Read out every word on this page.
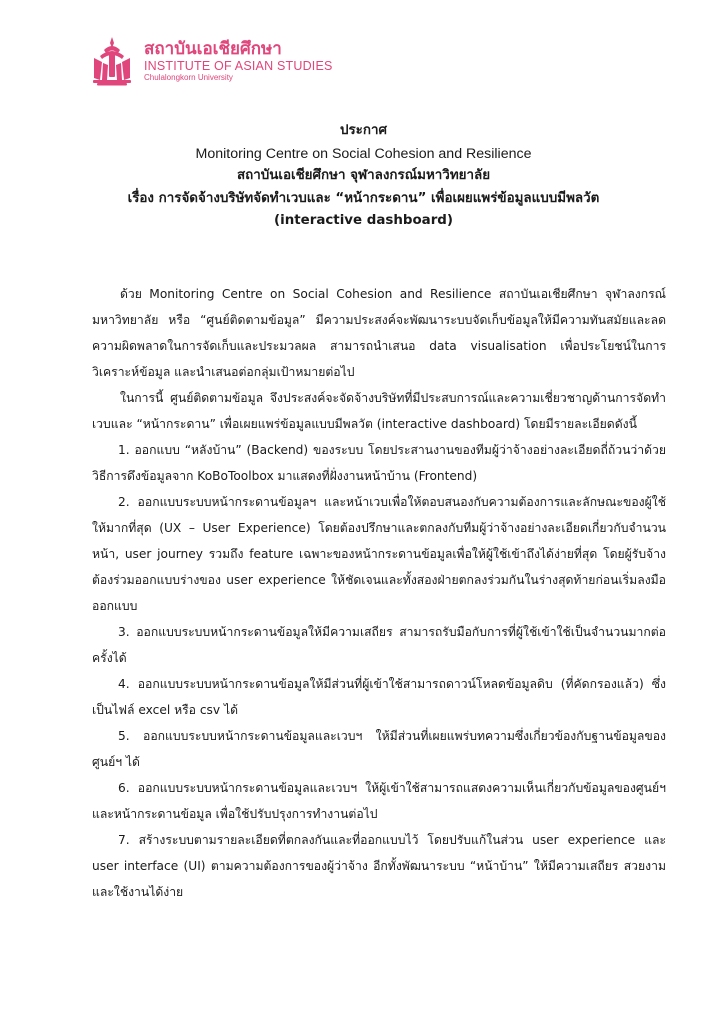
สถาบันเอเชียศึกษา
INSTITUTE OF ASIAN STUDIES
Chulalongkorn University
ประกาศ
Monitoring Centre on Social Cohesion and Resilience
สถาบันเอเชียศึกษา จุฬาลงกรณ์มหาวิทยาลัย
เรื่อง การจัดจ้างบริษัทจัดทำเวบและ “หน้ากระดาน” เพื่อเผยแพร่ข้อมูลแบบมีพลวัต
(interactive dashboard)

ด้วย Monitoring Centre on Social Cohesion and Resilience สถาบันเอเชียศึกษา จุฬาลงกรณ์มหาวิทยาลัย หรือ “ศูนย์ติดตามข้อมูล” มีความประสงค์จะพัฒนาระบบจัดเก็บข้อมูลให้มีความทันสมัยและลดความผิดพลาดในการจัดเก็บและประมวลผล สามารถนำเสนอ data visualisation เพื่อประโยชน์ในการวิเคราะห์ข้อมูล และนำเสนอต่อกลุ่มเป้าหมายต่อไป

ในการนี้ ศูนย์ติดตามข้อมูล จึงประสงค์จะจัดจ้างบริษัทที่มีประสบการณ์และความเชี่ยวชาญด้านการจัดทำเวบและ “หน้ากระดาน” เพื่อเผยแพร่ข้อมูลแบบมีพลวัต (interactive dashboard) โดยมีรายละเอียดดังนี้

1. ออกแบบ “หลังบ้าน” (Backend) ของระบบ โดยประสานงานของทีมผู้ว่าจ้างอย่างละเอียดถี่ถ้วนว่าด้วยวิธีการดึงข้อมูลจาก KoBoToolbox มาแสดงที่ฝั่งงานหน้าบ้าน (Frontend)

2. ออกแบบระบบหน้ากระดานข้อมูลฯ และหน้าเวบเพื่อให้ตอบสนองกับความต้องการและลักษณะของผู้ใช้ให้มากที่สุด (UX – User Experience) โดยต้องปรึกษาและตกลงกับทีมผู้ว่าจ้างอย่างละเอียดเกี่ยวกับจำนวนหน้า, user journey รวมถึง feature เฉพาะของหน้ากระดานข้อมูลเพื่อให้ผู้ใช้เข้าถึงได้ง่ายที่สุด โดยผู้รับจ้างต้องร่วมออกแบบร่างของ user experience ให้ชัดเจนและทั้งสองฝ่ายตกลงร่วมกันในร่างสุดท้ายก่อนเริ่มลงมือออกแบบ

3. ออกแบบระบบหน้ากระดานข้อมูลให้มีความเสถียร สามารถรับมือกับการที่ผู้ใช้เข้าใช้เป็นจำนวนมากต่อครั้งได้

4. ออกแบบระบบหน้ากระดานข้อมูลให้มีส่วนที่ผู้เข้าใช้สามารถดาวน์โหลดข้อมูลดิบ (ที่คัดกรองแล้ว) ซึ่งเป็นไฟล์ excel หรือ csv ได้

5. ออกแบบระบบหน้ากระดานข้อมูลและเวบฯ ให้มีส่วนที่เผยแพร่บทความซึ่งเกี่ยวข้องกับฐานข้อมูลของศูนย์ฯ ได้

6. ออกแบบระบบหน้ากระดานข้อมูลและเวบฯ ให้ผู้เข้าใช้สามารถแสดงความเห็นเกี่ยวกับข้อมูลของศูนย์ฯ และหน้ากระดานข้อมูล เพื่อใช้ปรับปรุงการทำงานต่อไป

7. สร้างระบบตามรายละเอียดที่ตกลงกันและที่ออกแบบไว้ โดยปรับแก้ในส่วน user experience และ user interface (UI) ตามความต้องการของผู้ว่าจ้าง อีกทั้งพัฒนาระบบ “หน้าบ้าน” ให้มีความเสถียร สวยงาม และใช้งานได้ง่าย
